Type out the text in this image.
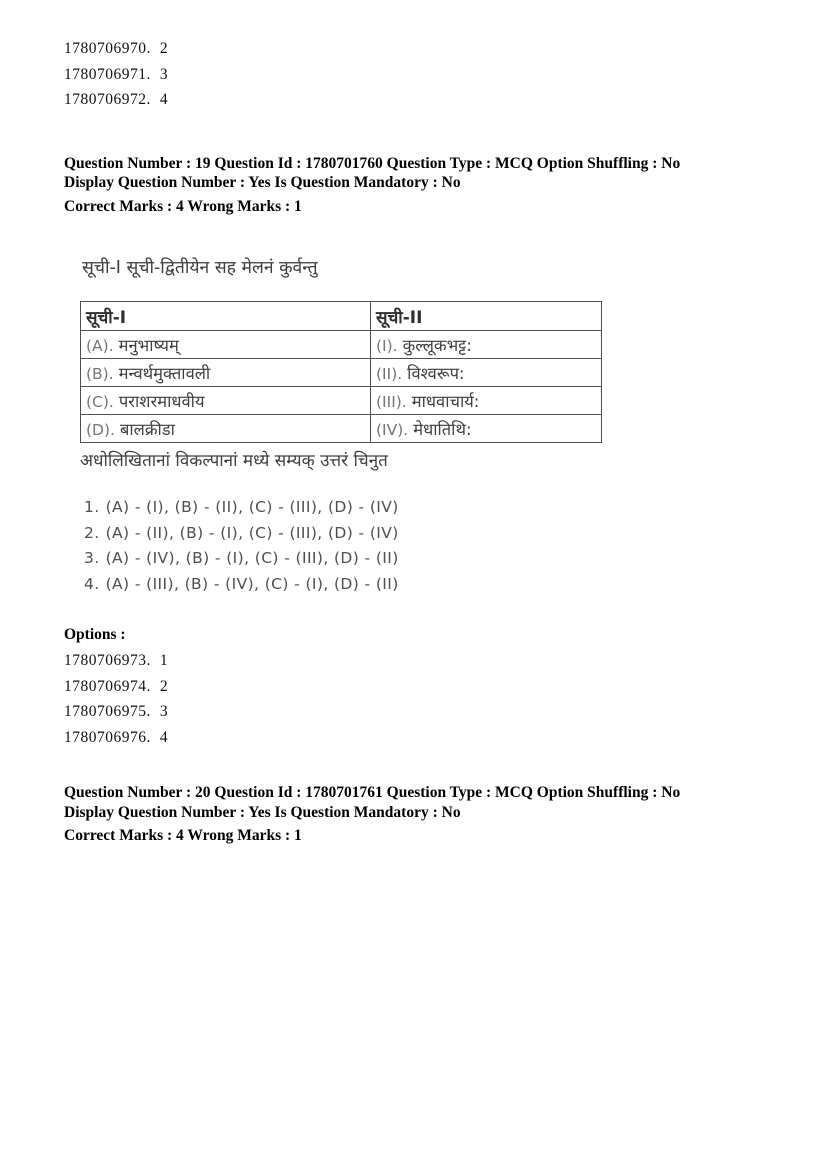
1780706970. 2
1780706971. 3
1780706972. 4
Question Number : 19 Question Id : 1780701760 Question Type : MCQ Option Shuffling : No
Display Question Number : Yes Is Question Mandatory : No
Correct Marks : 4 Wrong Marks : 1
सूची-I सूची-द्वितीयेन सह मेलनं कुर्वन्तु
सूची-I	सूची-II
(A). मनुभाष्यम्	(I). कुल्लूकभट्ट:
(B). मन्वर्थमुक्तावली	(II). विश्वरूप:
(C). पराशरमाधवीय	(III). माधवाचार्य:
(D). बालक्रीडा	(IV). मेधातिथि:
अधोलिखितानां विकल्पानां मध्ये सम्यक् उत्तरं चिनुत
1. (A) - (I), (B) - (II), (C) - (III), (D) - (IV)
2. (A) - (II), (B) - (I), (C) - (III), (D) - (IV)
3. (A) - (IV), (B) - (I), (C) - (III), (D) - (II)
4. (A) - (III), (B) - (IV), (C) - (I), (D) - (II)
Options :
1780706973. 1
1780706974. 2
1780706975. 3
1780706976. 4
Question Number : 20 Question Id : 1780701761 Question Type : MCQ Option Shuffling : No
Display Question Number : Yes Is Question Mandatory : No
Correct Marks : 4 Wrong Marks : 1
